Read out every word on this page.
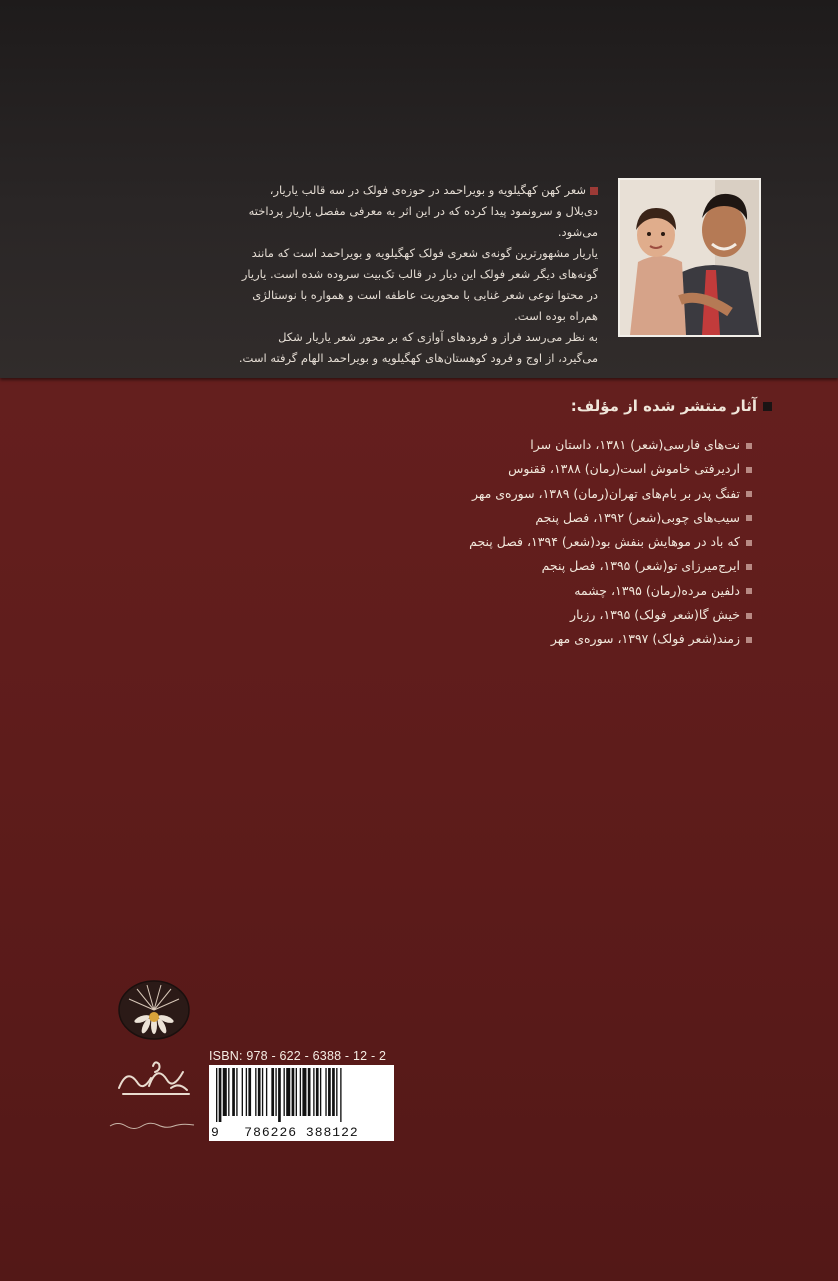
شعر کهن کهگیلویه و بویراحمد در حوزه‌ی فولک در سه قالب یاریار، دی‌بلال و سرونمود پیدا کرده که در این اثر به معرفی مفصل یاریار پرداخته می‌شود.

یاریار مشهورترین گونه‌ی شعری فولک کهگیلویه و بویراحمد است که مانند گونه‌های دیگر شعر فولک این دیار در قالب تک‌بیت سروده شده است. یاریار در محتوا نوعی شعر غنایی با محوریت عاطفه است و همواره با نوستالژی هم‌راه بوده است.

به نظر می‌رسد فراز و فرودهای آوازی که بر محور شعر یاریار شکل می‌گیرد، از اوج و فرود کوهستان‌های کهگیلویه و بویراحمد الهام گرفته است.

آثار منتشر شده از مؤلف:
نت‌های فارسی(شعر) ۱۳۸۱، داستان سرا
اردیرفتی خاموش است(رمان) ۱۳۸۸، ققنوس
تفنگ پدر بر بام‌های تهران(رمان) ۱۳۸۹، سوره‌ی مهر
سیب‌های چوبی(شعر) ۱۳۹۲، فصل پنجم
که باد در موهایش بنفش بود(شعر) ۱۳۹۴، فصل پنجم
ایرج‌میرزای تو(شعر) ۱۳۹۵، فصل پنجم
دلفین مرده(رمان) ۱۳۹۵، چشمه
خیش گا(شعر فولک) ۱۳۹۵، رزبار
زمند(شعر فولک) ۱۳۹۷، سوره‌ی مهر
ISBN: 978 - 622 - 6388 - 12 - 2
9 786226 388122
